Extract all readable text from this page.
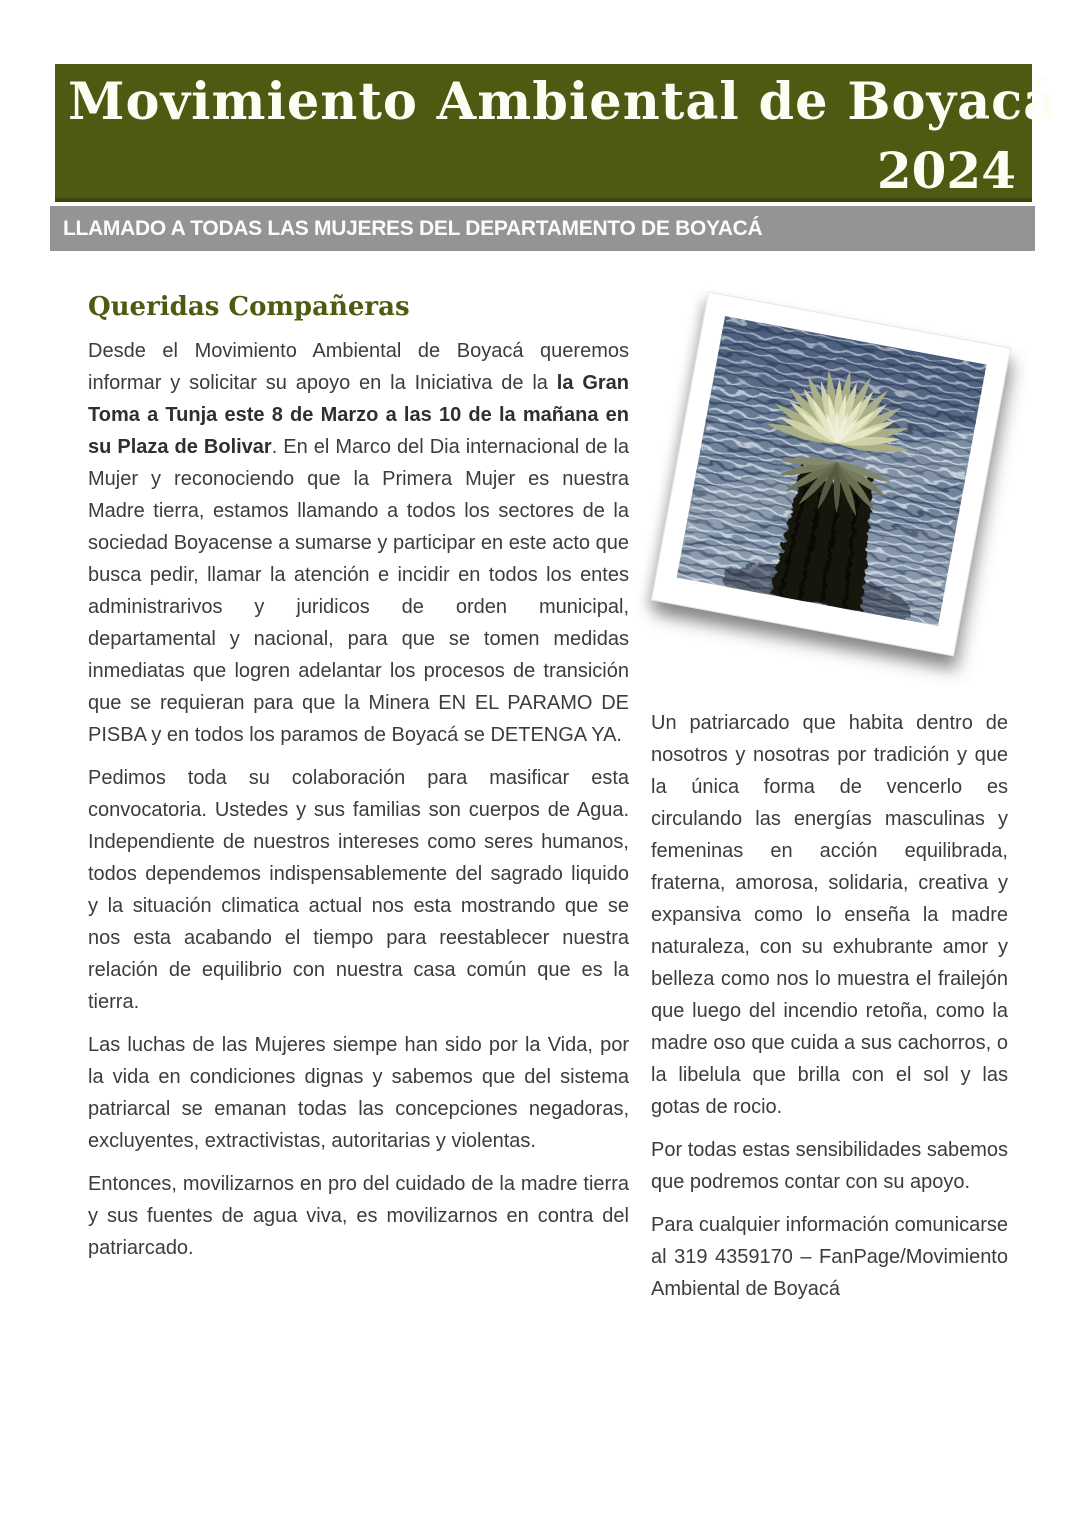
Movimiento Ambiental de Boyacá
2024
LLAMADO A TODAS LAS MUJERES DEL DEPARTAMENTO DE BOYACÁ
Queridas Compañeras

Desde el Movimiento Ambiental de Boyacá queremos informar y solicitar su apoyo en la Iniciativa de la la Gran Toma a Tunja este 8 de Marzo a las 10 de la mañana en su Plaza de Bolivar. En el Marco del Dia internacional de la Mujer y reconociendo que la Primera Mujer es nuestra Madre tierra, estamos llamando a todos los sectores de la sociedad Boyacense a sumarse y participar en este acto que busca pedir, llamar la atención e incidir en todos los entes administrarivos y juridicos de orden municipal, departamental y nacional, para que se tomen medidas inmediatas que logren adelantar los procesos de transición que se requieran para que la Minera EN EL PARAMO DE PISBA y en todos los paramos de Boyacá se DETENGA YA.

Pedimos toda su colaboración para masificar esta convocatoria. Ustedes y sus familias son cuerpos de Agua. Independiente de nuestros intereses como seres humanos, todos dependemos indispensablemente del sagrado liquido y la situación climatica actual nos esta mostrando que se nos esta acabando el tiempo para reestablecer nuestra relación de equilibrio con nuestra casa común que es la tierra.

Las luchas de las Mujeres siempe han sido por la Vida, por la vida en condiciones dignas y sabemos que del sistema patriarcal se emanan todas las concepciones negadoras, excluyentes, extractivistas, autoritarias y violentas.

Entonces, movilizarnos en pro del cuidado de la madre tierra y sus fuentes de agua viva, es movilizarnos en contra del patriarcado.

Un patriarcado que habita dentro de nosotros y nosotras por tradición y que la única forma de vencerlo es circulando las energías masculinas y femeninas en acción equilibrada, fraterna, amorosa, solidaria, creativa y expansiva como lo enseña la madre naturaleza, con su exhubrante amor y belleza como nos lo muestra el frailejón que luego del incendio retoña, como la madre oso que cuida a sus cachorros, o la libelula que brilla con el sol y las gotas de rocio.

Por todas estas sensibilidades sabemos que podremos contar con su apoyo.

Para cualquier información comunicarse al 319 4359170 – FanPage/Movimiento Ambiental de Boyacá
